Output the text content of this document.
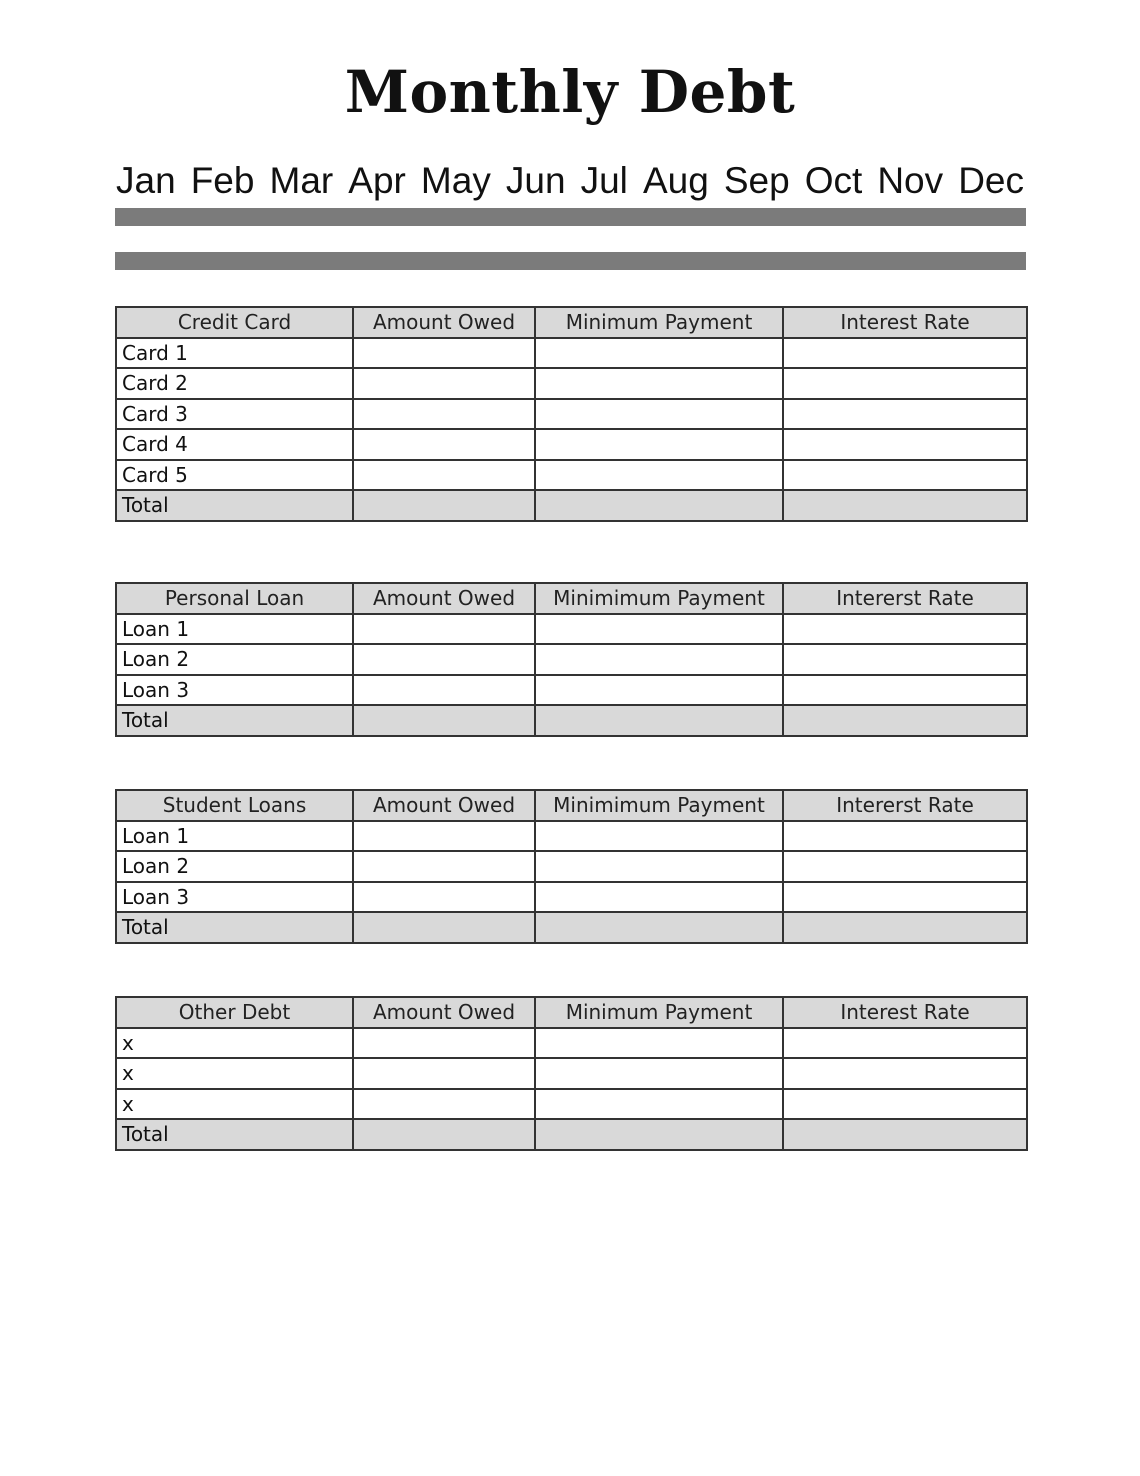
Monthly Debt
Jan Feb Mar Apr May Jun Jul Aug Sep Oct Nov Dec
Credit Card	Amount Owed	Minimum Payment	Interest Rate
Card 1			
Card 2			
Card 3			
Card 4			
Card 5			
Total			
Personal Loan	Amount Owed	Minimimum Payment	Intererst Rate
Loan 1			
Loan 2			
Loan 3			
Total			
Student Loans	Amount Owed	Minimimum Payment	Intererst Rate
Loan 1			
Loan 2			
Loan 3			
Total			
Other Debt	Amount Owed	Minimum Payment	Interest Rate
x			
x			
x			
Total			
